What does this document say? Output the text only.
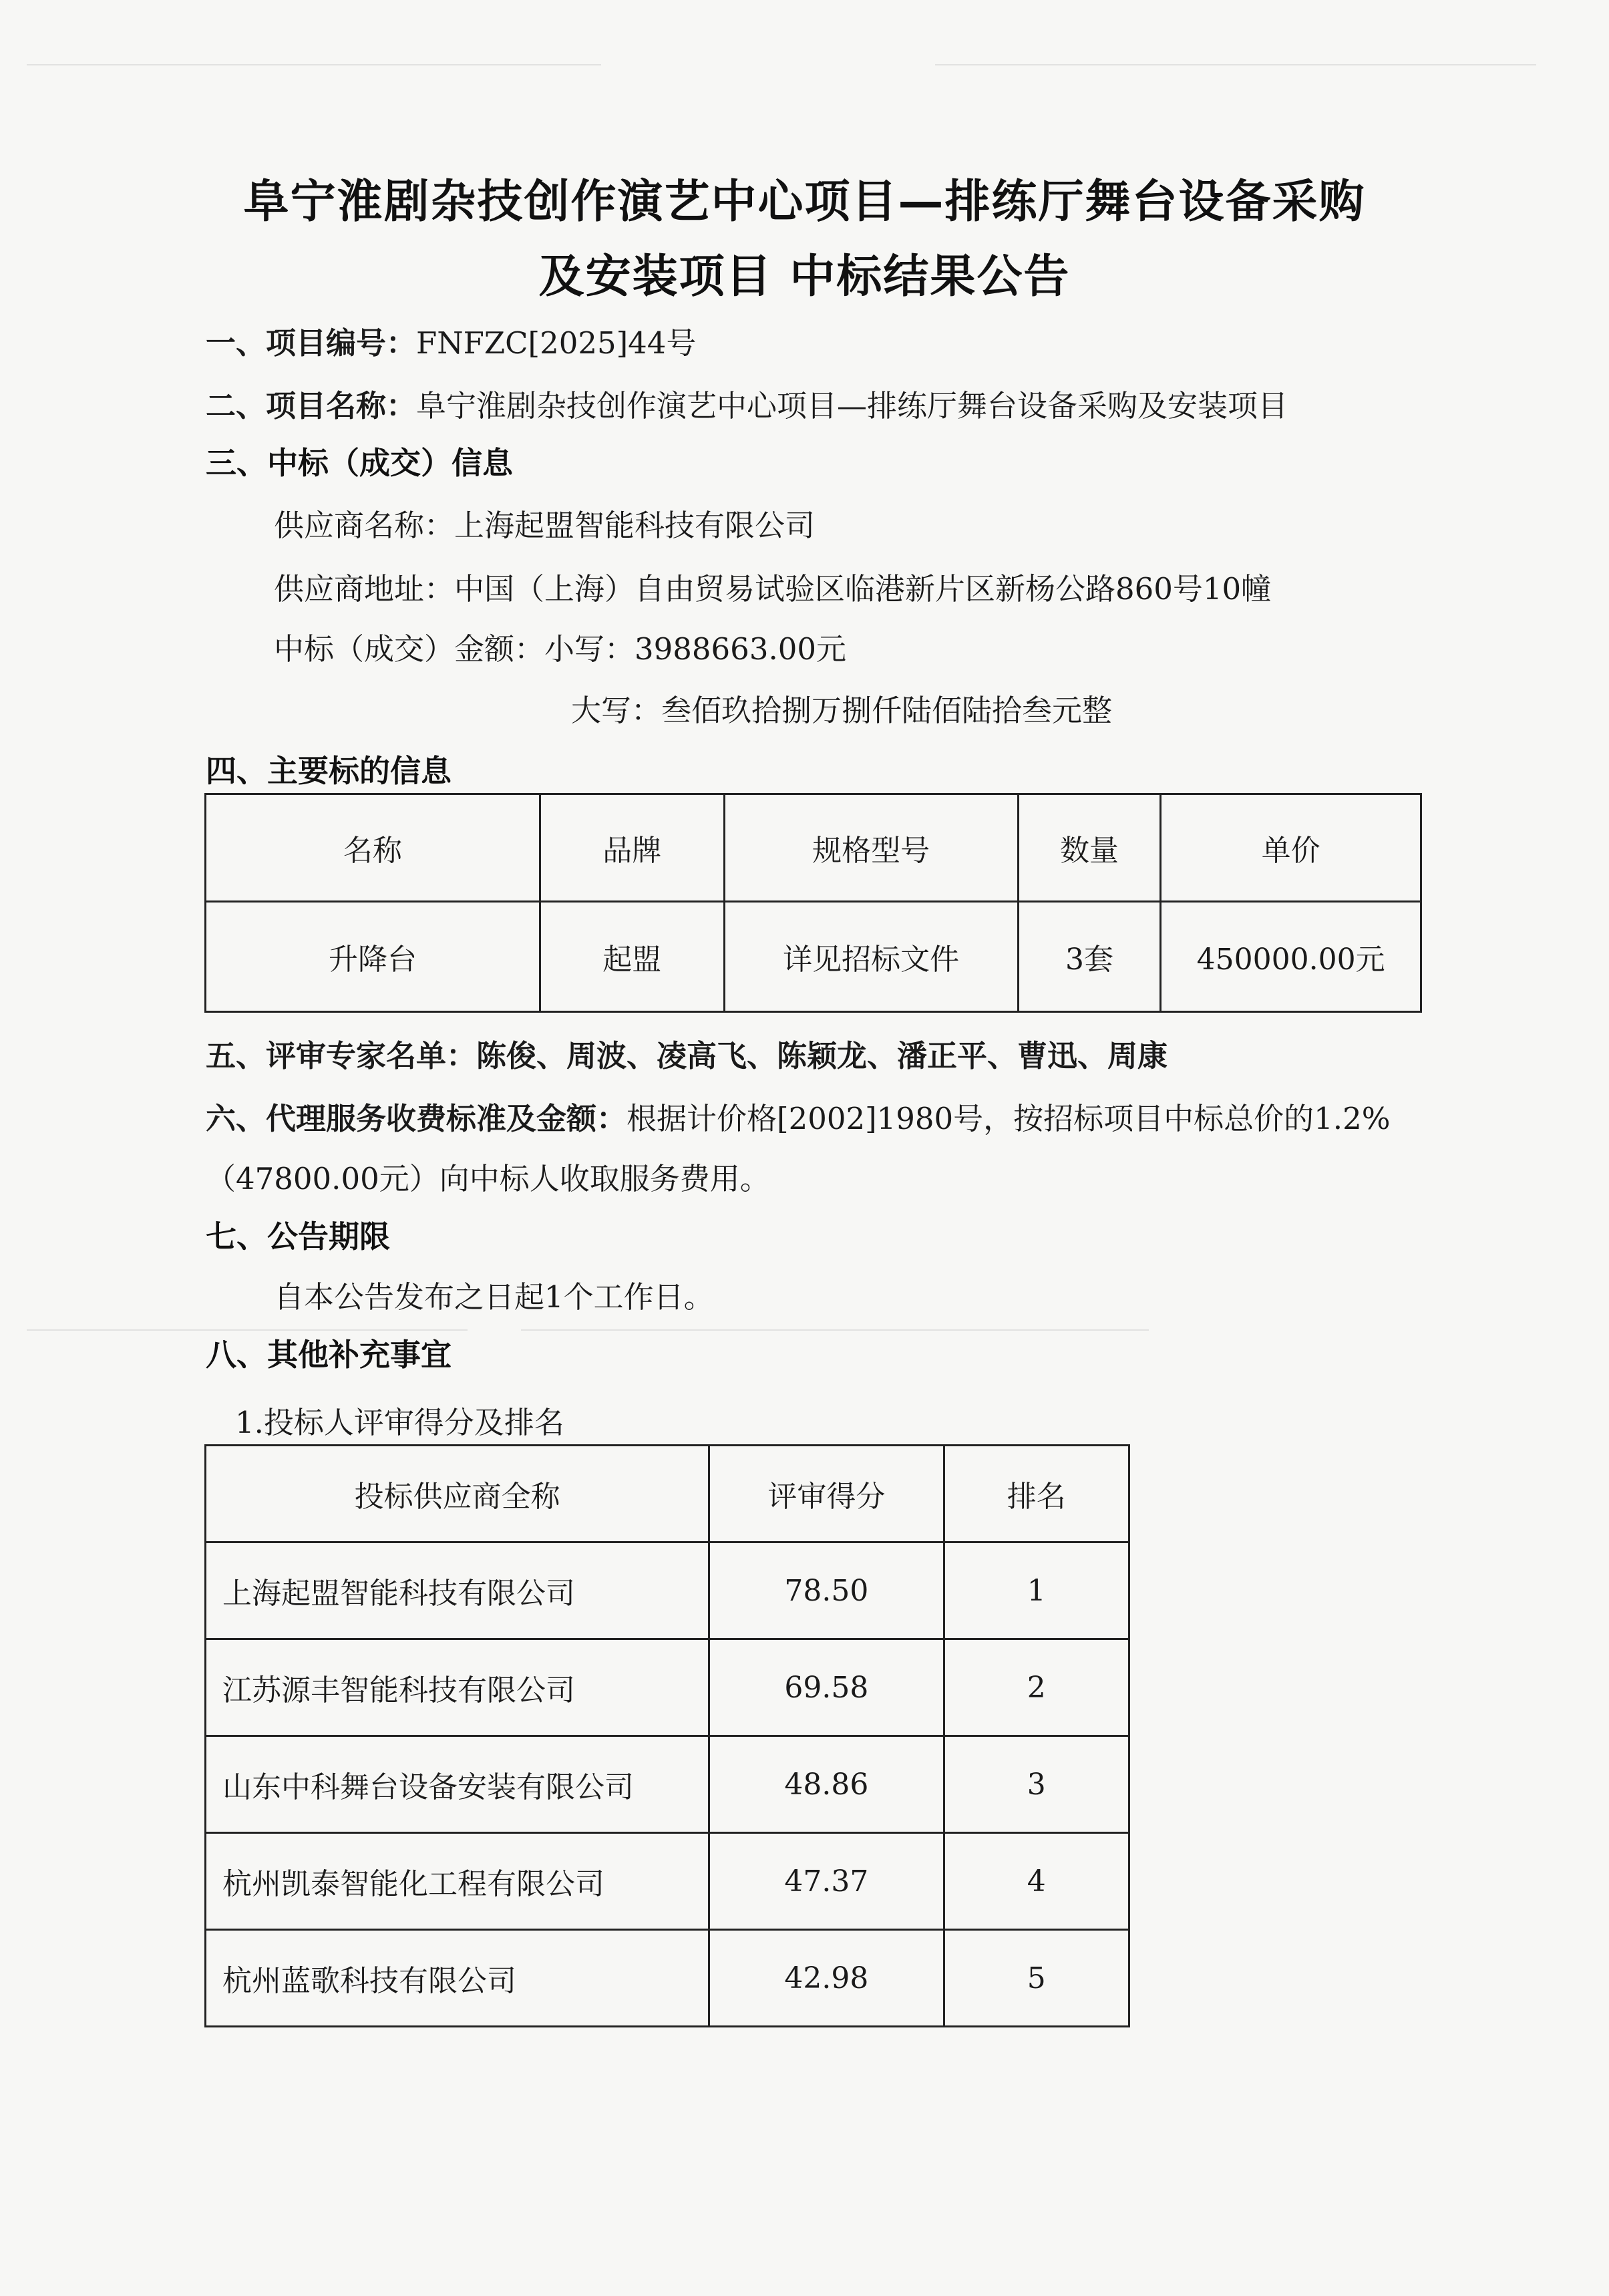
阜宁淮剧杂技创作演艺中心项目—排练厅舞台设备采购
及安装项目 中标结果公告
一、项目编号：FNFZC[2025]44号
二、项目名称：阜宁淮剧杂技创作演艺中心项目—排练厅舞台设备采购及安装项目
三、中标（成交）信息
供应商名称：上海起盟智能科技有限公司
供应商地址：中国（上海）自由贸易试验区临港新片区新杨公路860号10幢
中标（成交）金额：小写：3988663.00元
大写：叁佰玖拾捌万捌仟陆佰陆拾叁元整
四、主要标的信息
名称	品牌	规格型号	数量	单价
升降台	起盟	详见招标文件	3套	450000.00元
五、评审专家名单：陈俊、周波、凌高飞、陈颖龙、潘正平、曹迅、周康
六、代理服务收费标准及金额：根据计价格[2002]1980号，按招标项目中标总价的1.2%
（47800.00元）向中标人收取服务费用。
七、公告期限
自本公告发布之日起1个工作日。
八、其他补充事宜
1.投标人评审得分及排名
投标供应商全称	评审得分	排名
上海起盟智能科技有限公司	78.50	1
江苏源丰智能科技有限公司	69.58	2
山东中科舞台设备安装有限公司	48.86	3
杭州凯泰智能化工程有限公司	47.37	4
杭州蓝歌科技有限公司	42.98	5
